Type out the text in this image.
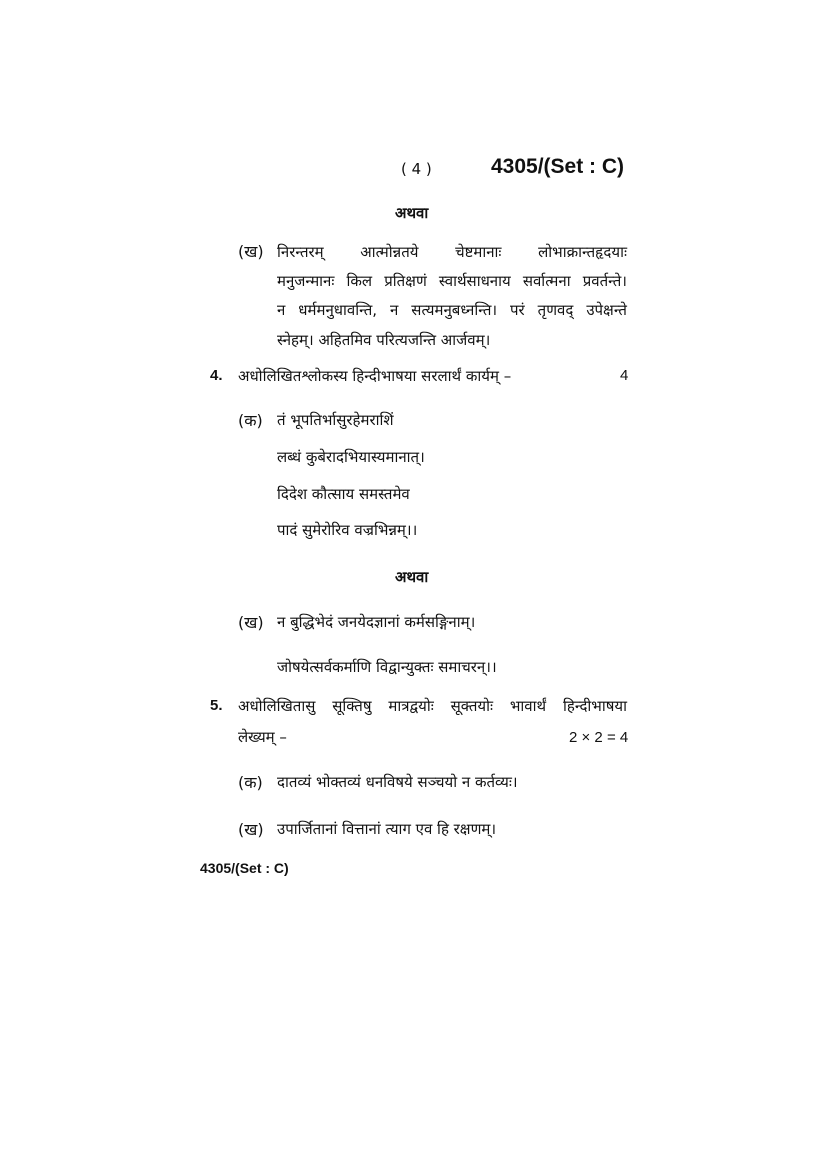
( 4 )	4305/(Set : C)
अथवा
(ख) निरन्तरम् आत्मोन्नतये चेष्टमानाः लोभाक्रान्तहृदयाः
मनुजन्मानः किल प्रतिक्षणं स्वार्थसाधनाय सर्वात्मना प्रवर्तन्ते।
न धर्ममनुधावन्ति, न सत्यमनुबध्नन्ति। परं तृणवद् उपेक्षन्ते
स्नेहम्। अहितमिव परित्यजन्ति आर्जवम्।
4. अधोलिखितश्लोकस्य हिन्दीभाषया सरलार्थं कार्यम् –	4
(क) तं भूपतिर्भासुरहेमराशिं
लब्धं कुबेरादभियास्यमानात्।
दिदेश कौत्साय समस्तमेव
पादं सुमेरोरिव वज्रभिन्नम्।।
अथवा
(ख) न बुद्धिभेदं जनयेदज्ञानां कर्मसङ्गिनाम्।
जोषयेत्सर्वकर्माणि विद्वान्युक्तः समाचरन्।।
5. अधोलिखितासु सूक्तिषु मात्रद्वयोः सूक्तयोः भावार्थं हिन्दीभाषया
लेख्यम् –	2 × 2 = 4
(क) दातव्यं भोक्तव्यं धनविषये सञ्चयो न कर्तव्यः।
(ख) उपार्जितानां वित्तानां त्याग एव हि रक्षणम्।
4305/(Set : C)
